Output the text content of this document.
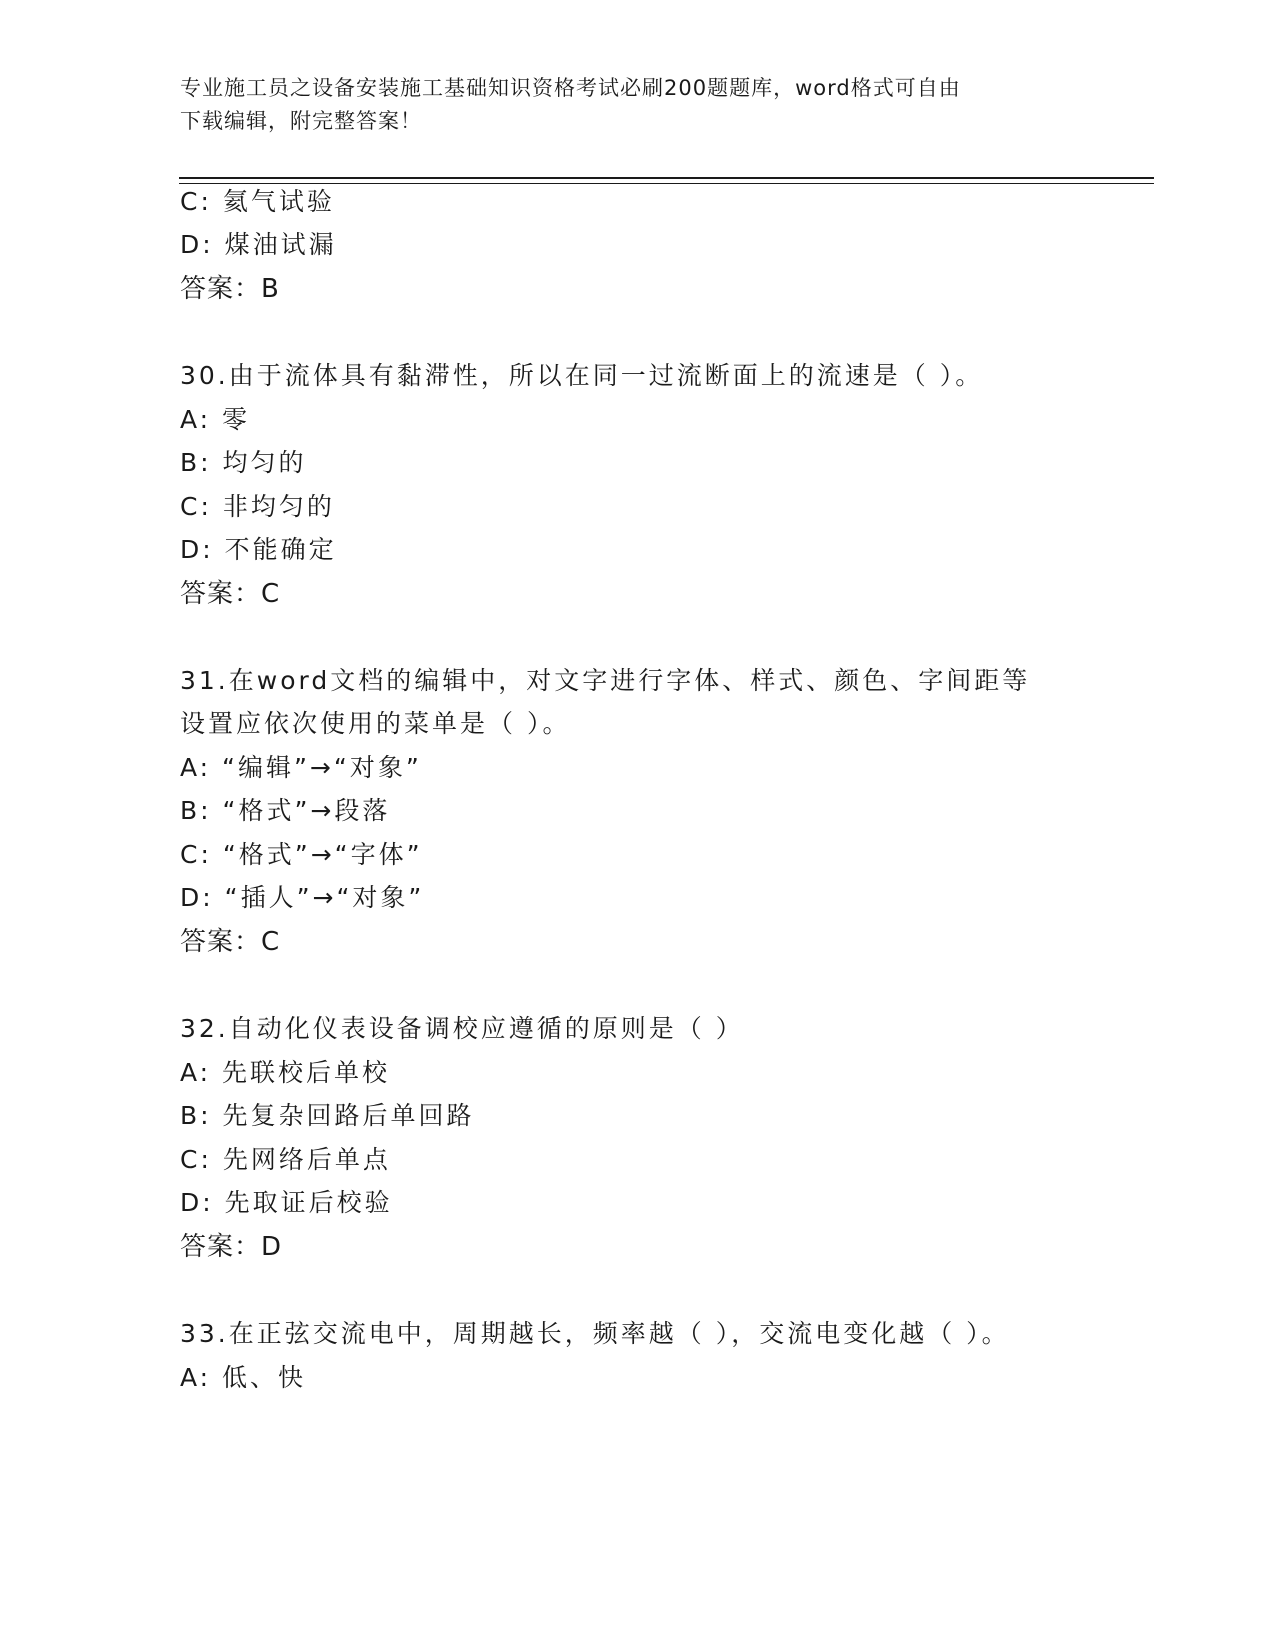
专业施工员之设备安装施工基础知识资格考试必刷200题题库，word格式可自由
下载编辑，附完整答案！
C: 氦气试验
D: 煤油试漏
答案：B
30.由于流体具有黏滞性，所以在同一过流断面上的流速是（ ）。
A: 零
B: 均匀的
C: 非均匀的
D: 不能确定
答案：C
31.在word文档的编辑中，对文字进行字体、样式、颜色、字间距等
设置应依次使用的菜单是（ ）。
A: “编辑”→“对象”
B: “格式”→段落
C: “格式”→“字体”
D: “插人”→“对象”
答案：C
32.自动化仪表设备调校应遵循的原则是（ ）
A: 先联校后单校
B: 先复杂回路后单回路
C: 先网络后单点
D: 先取证后校验
答案：D
33.在正弦交流电中，周期越长，频率越（ ），交流电变化越（ ）。
A: 低、快
